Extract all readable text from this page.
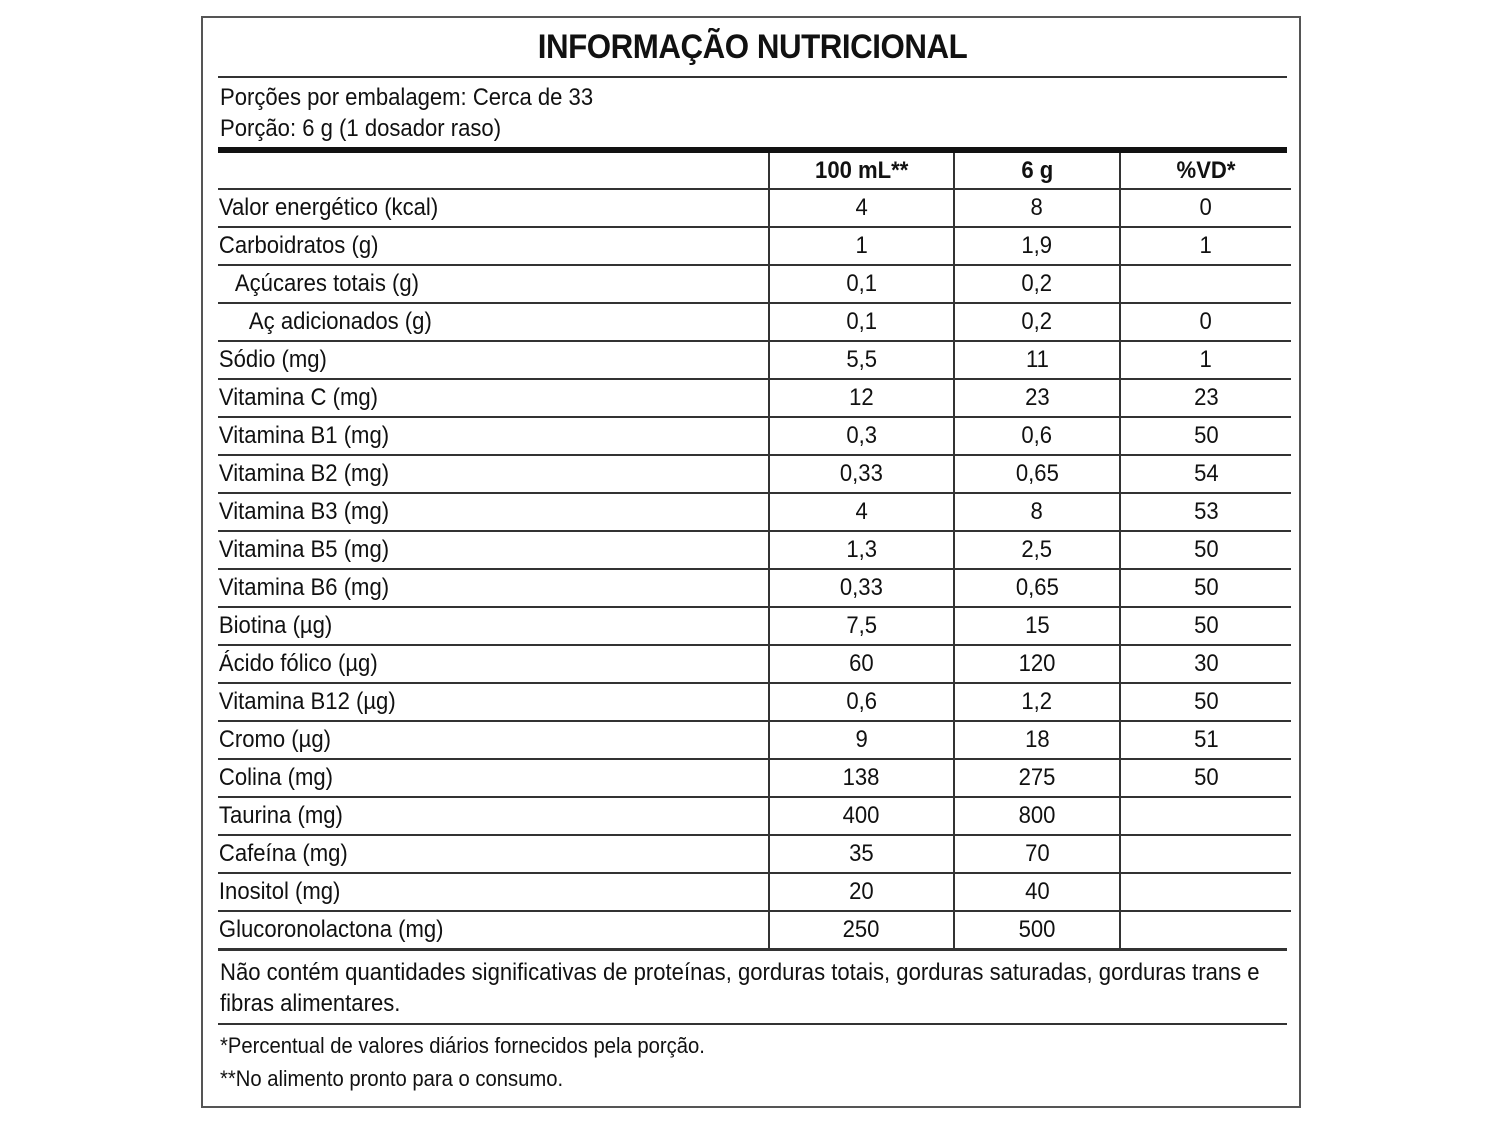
INFORMAÇÃO NUTRICIONAL
Porções por embalagem: Cerca de 33
Porção: 6 g (1 dosador raso)
	100 mL**	6 g	%VD*
Valor energético (kcal)	4	8	0
Carboidratos (g)	1	1,9	1
Açúcares totais (g)	0,1	0,2	
Aç adicionados (g)	0,1	0,2	0
Sódio (mg)	5,5	11	1
Vitamina C (mg)	12	23	23
Vitamina B1 (mg)	0,3	0,6	50
Vitamina B2 (mg)	0,33	0,65	54
Vitamina B3 (mg)	4	8	53
Vitamina B5 (mg)	1,3	2,5	50
Vitamina B6 (mg)	0,33	0,65	50
Biotina (µg)	7,5	15	50
Ácido fólico (µg)	60	120	30
Vitamina B12 (µg)	0,6	1,2	50
Cromo (µg)	9	18	51
Colina (mg)	138	275	50
Taurina (mg)	400	800	
Cafeína (mg)	35	70	
Inositol (mg)	20	40	
Glucoronolactona (mg)	250	500	
Não contém quantidades significativas de proteínas, gorduras totais, gorduras saturadas, gorduras trans e fibras alimentares.
*Percentual de valores diários fornecidos pela porção.
**No alimento pronto para o consumo.
